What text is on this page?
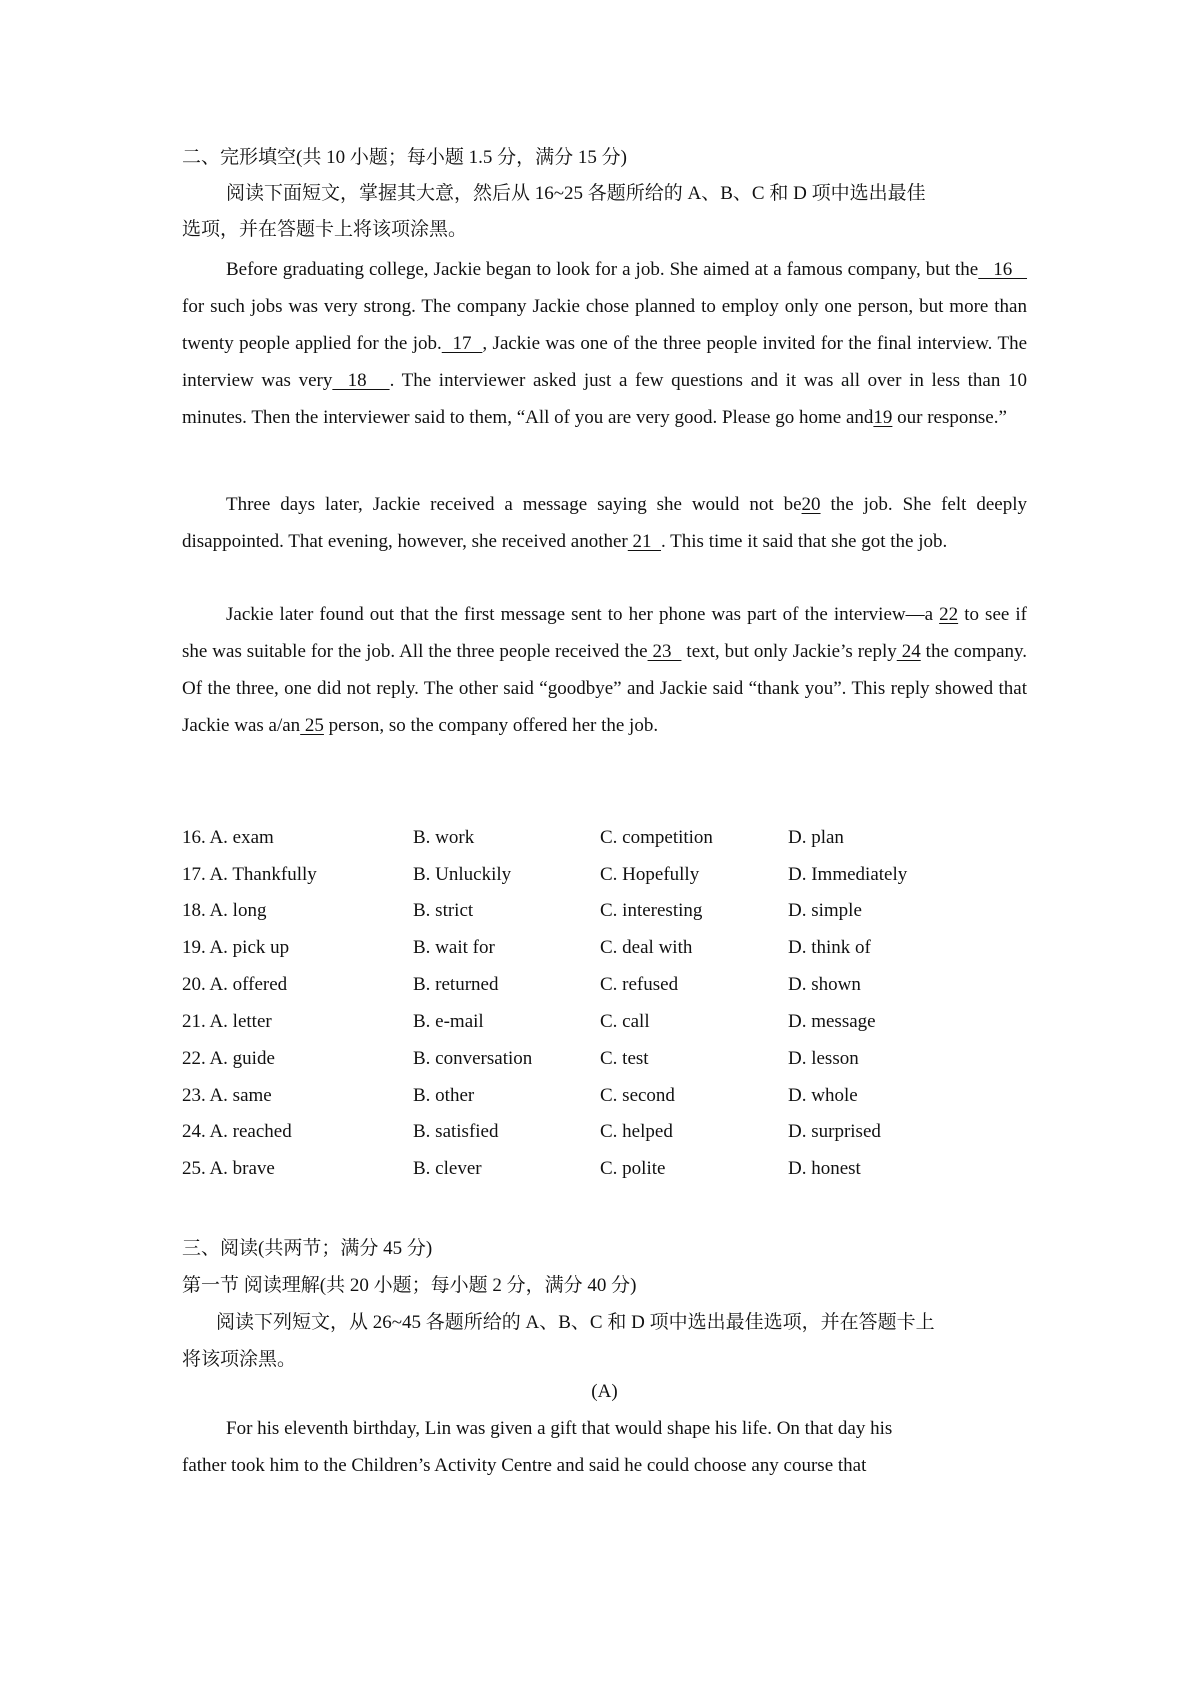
二、完形填空(共 10 小题；每小题 1.5 分，满分 15 分)
阅读下面短文，掌握其大意，然后从 16~25 各题所给的 A、B、C 和 D 项中选出最佳
选项，并在答题卡上将该项涂黑。
Before graduating college, Jackie began to look for a job. She aimed at a famous company, but the   16    for such jobs was very strong. The company Jackie chose planned to employ only one person, but more than twenty people applied for the job.  17  , Jackie was one of the three people invited for the final interview. The interview was very  18   . The interviewer asked just a few questions and it was all over in less than 10 minutes. Then the interviewer said to them, “All of you are very good. Please go home and19 our response.”
Three days later, Jackie received a message saying she would not be20 the job. She felt deeply disappointed. That evening, however, she received another 21  . This time it said that she got the job.
Jackie later found out that the first message sent to her phone was part of the interview—a 22 to see if she was suitable for the job. All the three people received the 23   text, but only Jackie’s reply 24 the company. Of the three, one did not reply. The other said “goodbye” and Jackie said “thank you”. This reply showed that Jackie was a/an 25 person, so the company offered her the job.
16. A. exam	B. work	C. competition	D. plan
17. A. Thankfully	B. Unluckily	C. Hopefully	D. Immediately
18. A. long	B. strict	C. interesting	D. simple
19. A. pick up	B. wait for	C. deal with	D. think of
20. A. offered	B. returned	C. refused	D. shown
21. A. letter	B. e-mail	C. call	D. message
22. A. guide	B. conversation	C. test	D. lesson
23. A. same	B. other	C. second	D. whole
24. A. reached	B. satisfied	C. helped	D. surprised
25. A. brave	B. clever	C. polite	D. honest
三、阅读(共两节；满分 45 分)
第一节 阅读理解(共 20 小题；每小题 2 分，满分 40 分)
阅读下列短文，从 26~45 各题所给的 A、B、C 和 D 项中选出最佳选项，并在答题卡上
将该项涂黑。
(A)
For his eleventh birthday, Lin was given a gift that would shape his life. On that day his
father took him to the Children’s Activity Centre and said he could choose any course that
